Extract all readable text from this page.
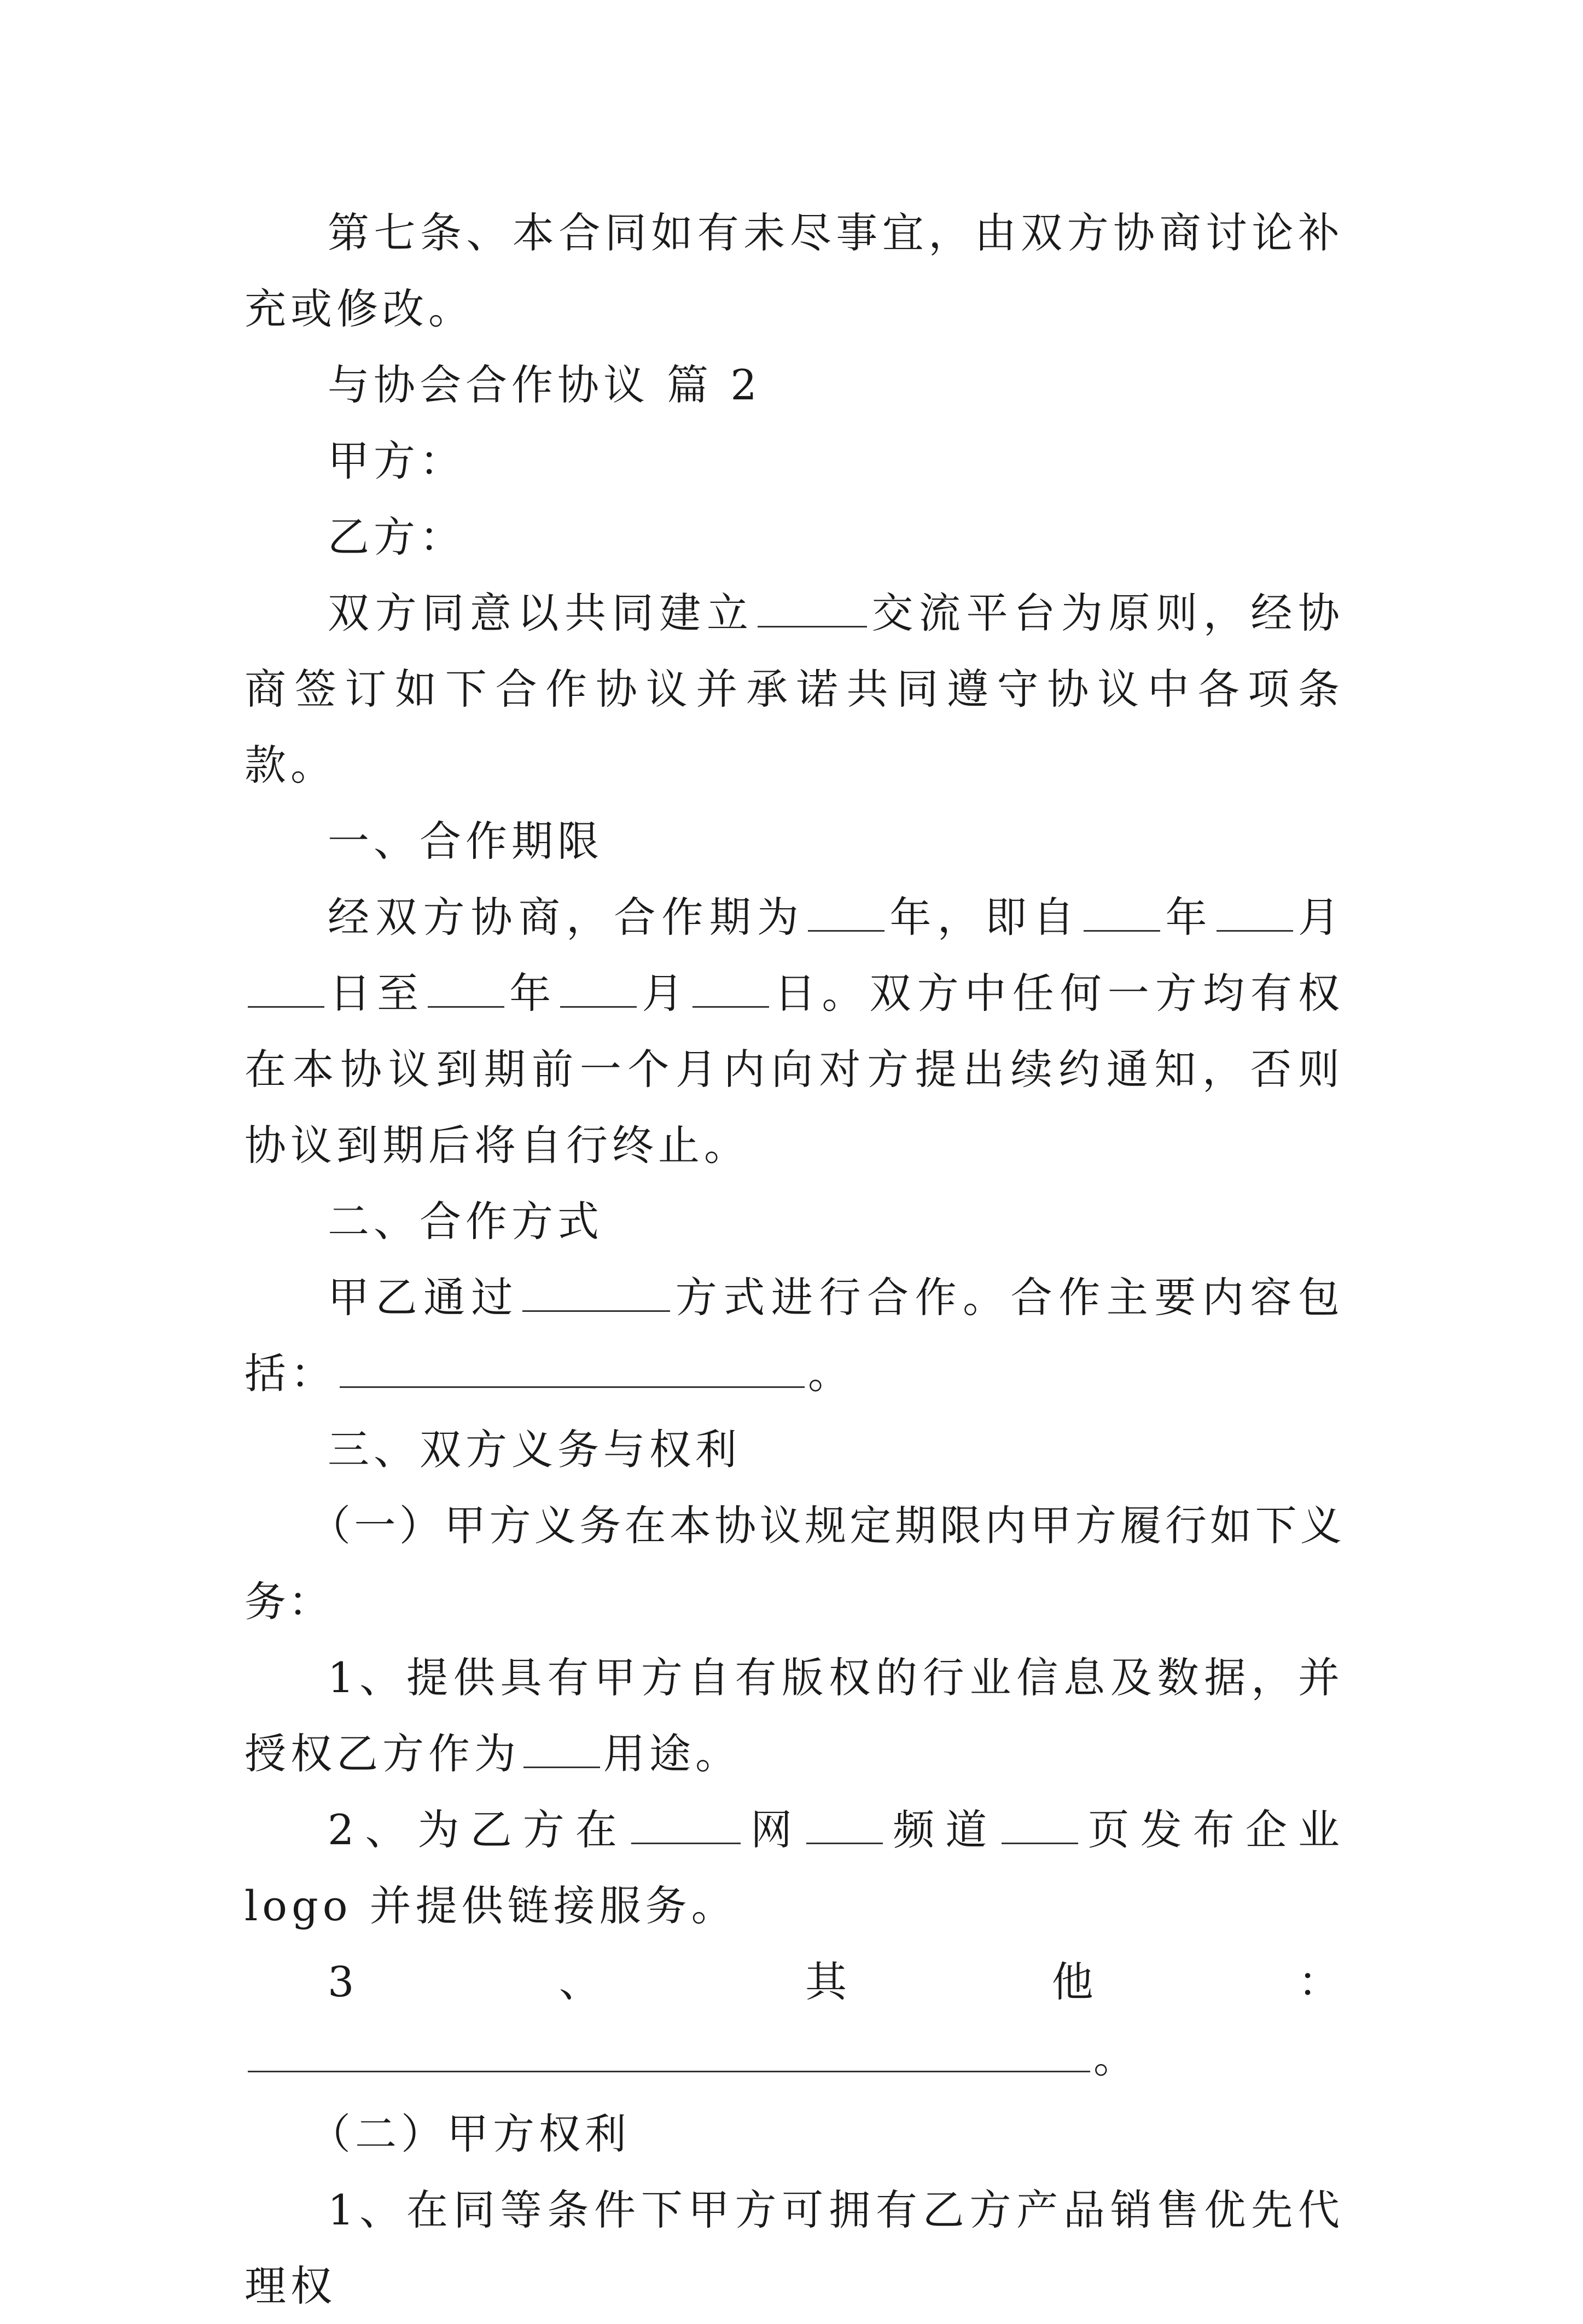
第七条、本合同如有未尽事宜，由双方协商讨论补充或修改。

与协会合作协议 篇 2

甲方：

乙方：

双方同意以共同建立	交流平台为原则，经协商签订如下合作协议并承诺共同遵守协议中各项条款。

一、合作期限

经双方协商，合作期为 年，即自 年 月日至 年 月 日。双方中任何一方均有权在本协议到期前一个月内向对方提出续约通知，否则协议到期后将自行终止。

二、合作方式

甲乙通过	方式进行合作。合作主要内容包括：	。

三、双方义务与权利

（一）甲方义务在本协议规定期限内甲方履行如下义务：

1、提供具有甲方自有版权的行业信息及数据，并授权乙方作为 用途。

2、为乙方在	网 频道 页发布企业 logo 并提供链接服务。

3、其他：。

（二）甲方权利

1、在同等条件下甲方可拥有乙方产品销售优先代理权
